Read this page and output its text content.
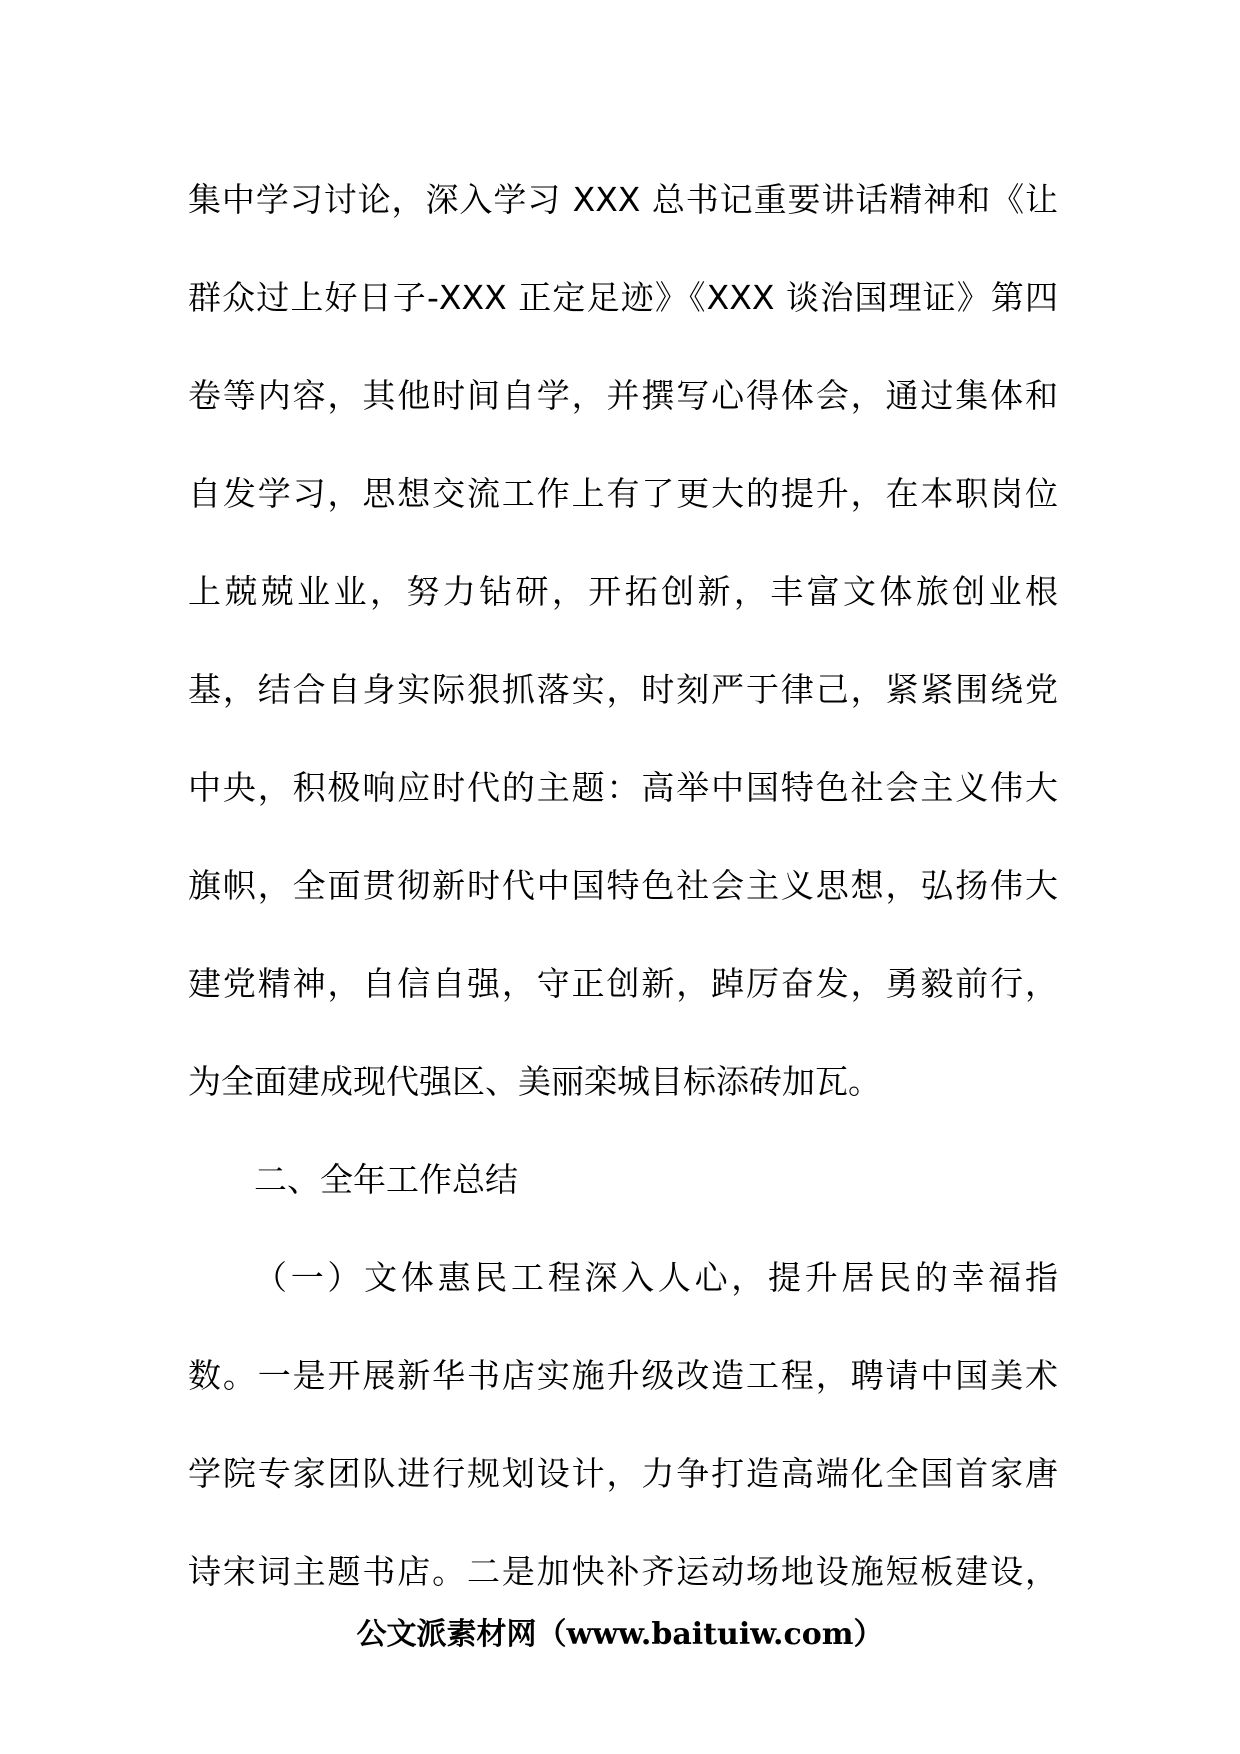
集中学习讨论，深入学习 XXX 总书记重要讲话精神和《让
群众过上好日子-XXX 正定足迹》《XXX 谈治国理证》第四
卷等内容，其他时间自学，并撰写心得体会，通过集体和
自发学习，思想交流工作上有了更大的提升，在本职岗位
上兢兢业业，努力钻研，开拓创新，丰富文体旅创业根
基，结合自身实际狠抓落实，时刻严于律己，紧紧围绕党
中央，积极响应时代的主题：高举中国特色社会主义伟大
旗帜，全面贯彻新时代中国特色社会主义思想，弘扬伟大
建党精神，自信自强，守正创新，踔厉奋发，勇毅前行，
为全面建成现代强区、美丽栾城目标添砖加瓦。
二、全年工作总结
（一）文体惠民工程深入人心，提升居民的幸福指
数。一是开展新华书店实施升级改造工程，聘请中国美术
学院专家团队进行规划设计，力争打造高端化全国首家唐
诗宋词主题书店。二是加快补齐运动场地设施短板建设，
公文派素材网（www.baituiw.com）
